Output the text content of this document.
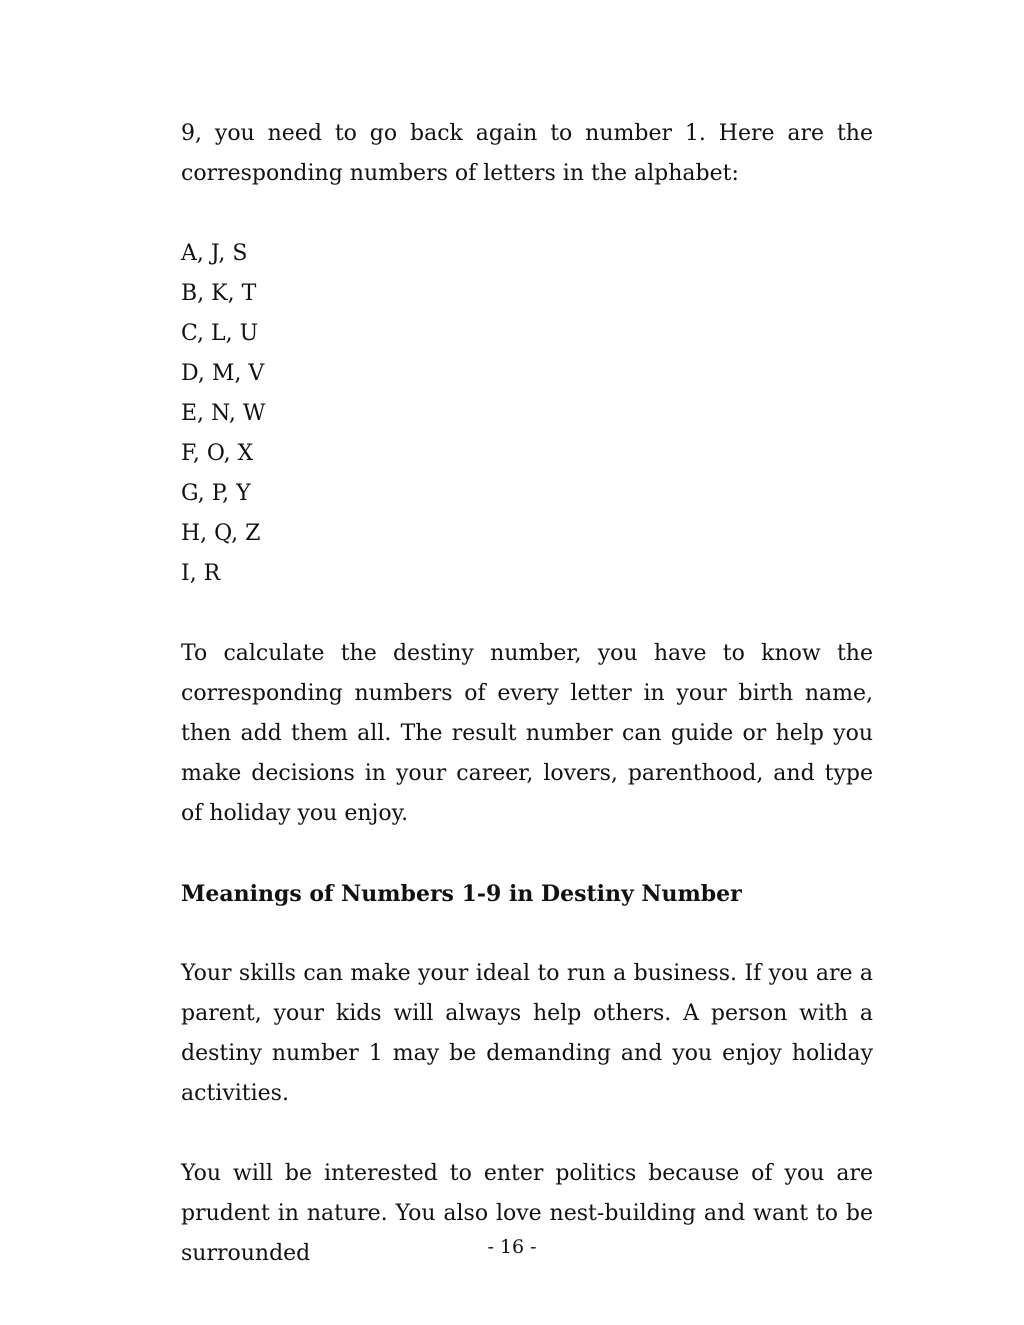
9, you need to go back again to number 1. Here are the corresponding numbers of letters in the alphabet:

A, J, S
B, K, T
C, L, U
D, M, V
E, N, W
F, O, X
G, P, Y
H, Q, Z
I, R

To calculate the destiny number, you have to know the corresponding numbers of every letter in your birth name, then add them all. The result number can guide or help you make decisions in your career, lovers, parenthood, and type of holiday you enjoy.

Meanings of Numbers 1-9 in Destiny Number

Your skills can make your ideal to run a business. If you are a parent, your kids will always help others. A person with a destiny number 1 may be demanding and you enjoy holiday activities.

You will be interested to enter politics because of you are prudent in nature. You also love nest-building and want to be surrounded	- 16 -
